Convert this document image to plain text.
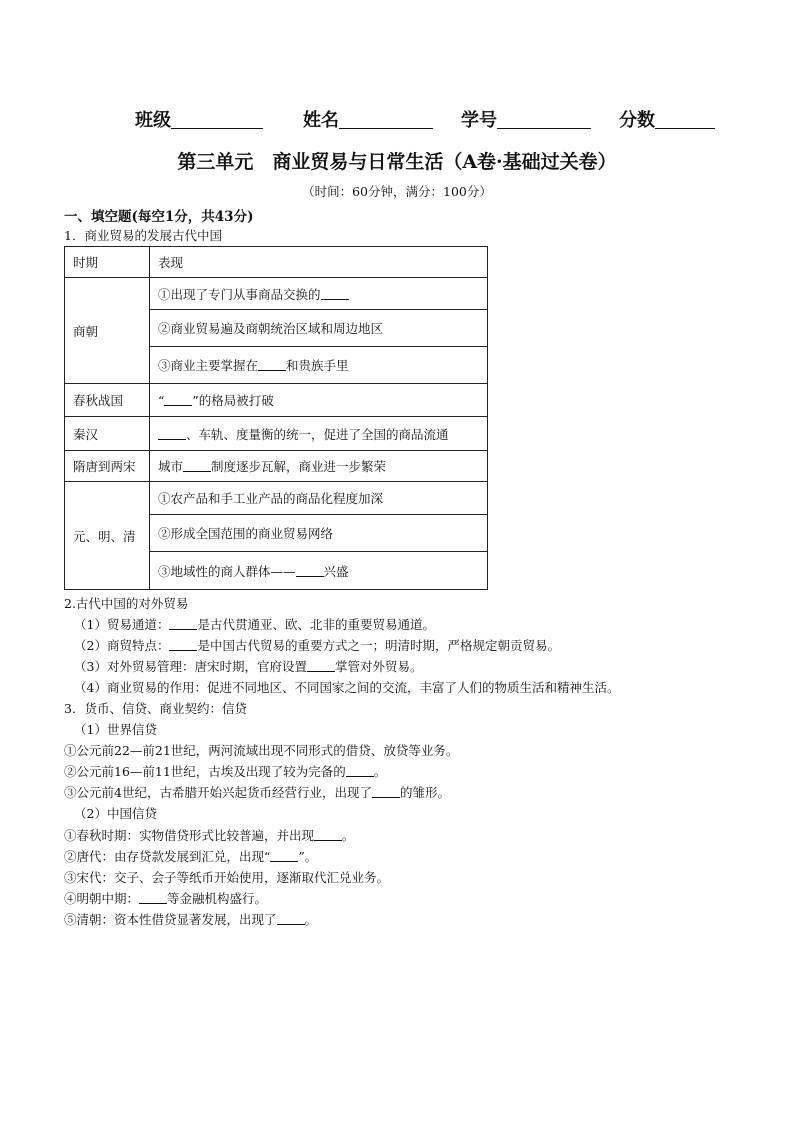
班级	姓名	学号	分数
第三单元　商业贸易与日常生活（A卷·基础过关卷）
（时间：60分钟，满分：100分）
一、填空题(每空1分，共43分)
1．商业贸易的发展古代中国
时期	表现
商朝	①出现了专门从事商品交换的
	②商业贸易遍及商朝统治区域和周边地区
	③商业主要掌握在 和贵族手里
春秋战国	“ ”的格局被打破
秦汉	、车轨、度量衡的统一，促进了全国的商品流通
隋唐到两宋	城市 制度逐步瓦解，商业进一步繁荣
元、明、清	①农产品和手工业产品的商品化程度加深
	②形成全国范围的商业贸易网络
	③地域性的商人群体—— 兴盛
2.古代中国的对外贸易
（1）贸易通道： 是古代贯通亚、欧、北非的重要贸易通道。
（2）商贸特点： 是中国古代贸易的重要方式之一；明清时期，严格规定朝贡贸易。
（3）对外贸易管理：唐宋时期，官府设置 掌管对外贸易。
（4）商业贸易的作用：促进不同地区、不同国家之间的交流，丰富了人们的物质生活和精神生活。
3．货币、信贷、商业契约：信贷
（1）世界信贷
①公元前22—前21世纪，两河流域出现不同形式的借贷、放贷等业务。
②公元前16—前11世纪，古埃及出现了较为完备的 。
③公元前4世纪，古希腊开始兴起货币经营行业，出现了 的雏形。
（2）中国信贷
①春秋时期：实物借贷形式比较普遍，并出现 。
②唐代：由存贷款发展到汇兑，出现“ ”。
③宋代：交子、会子等纸币开始使用，逐渐取代汇兑业务。
④明朝中期： 等金融机构盛行。
⑤清朝：资本性借贷显著发展，出现了 。
